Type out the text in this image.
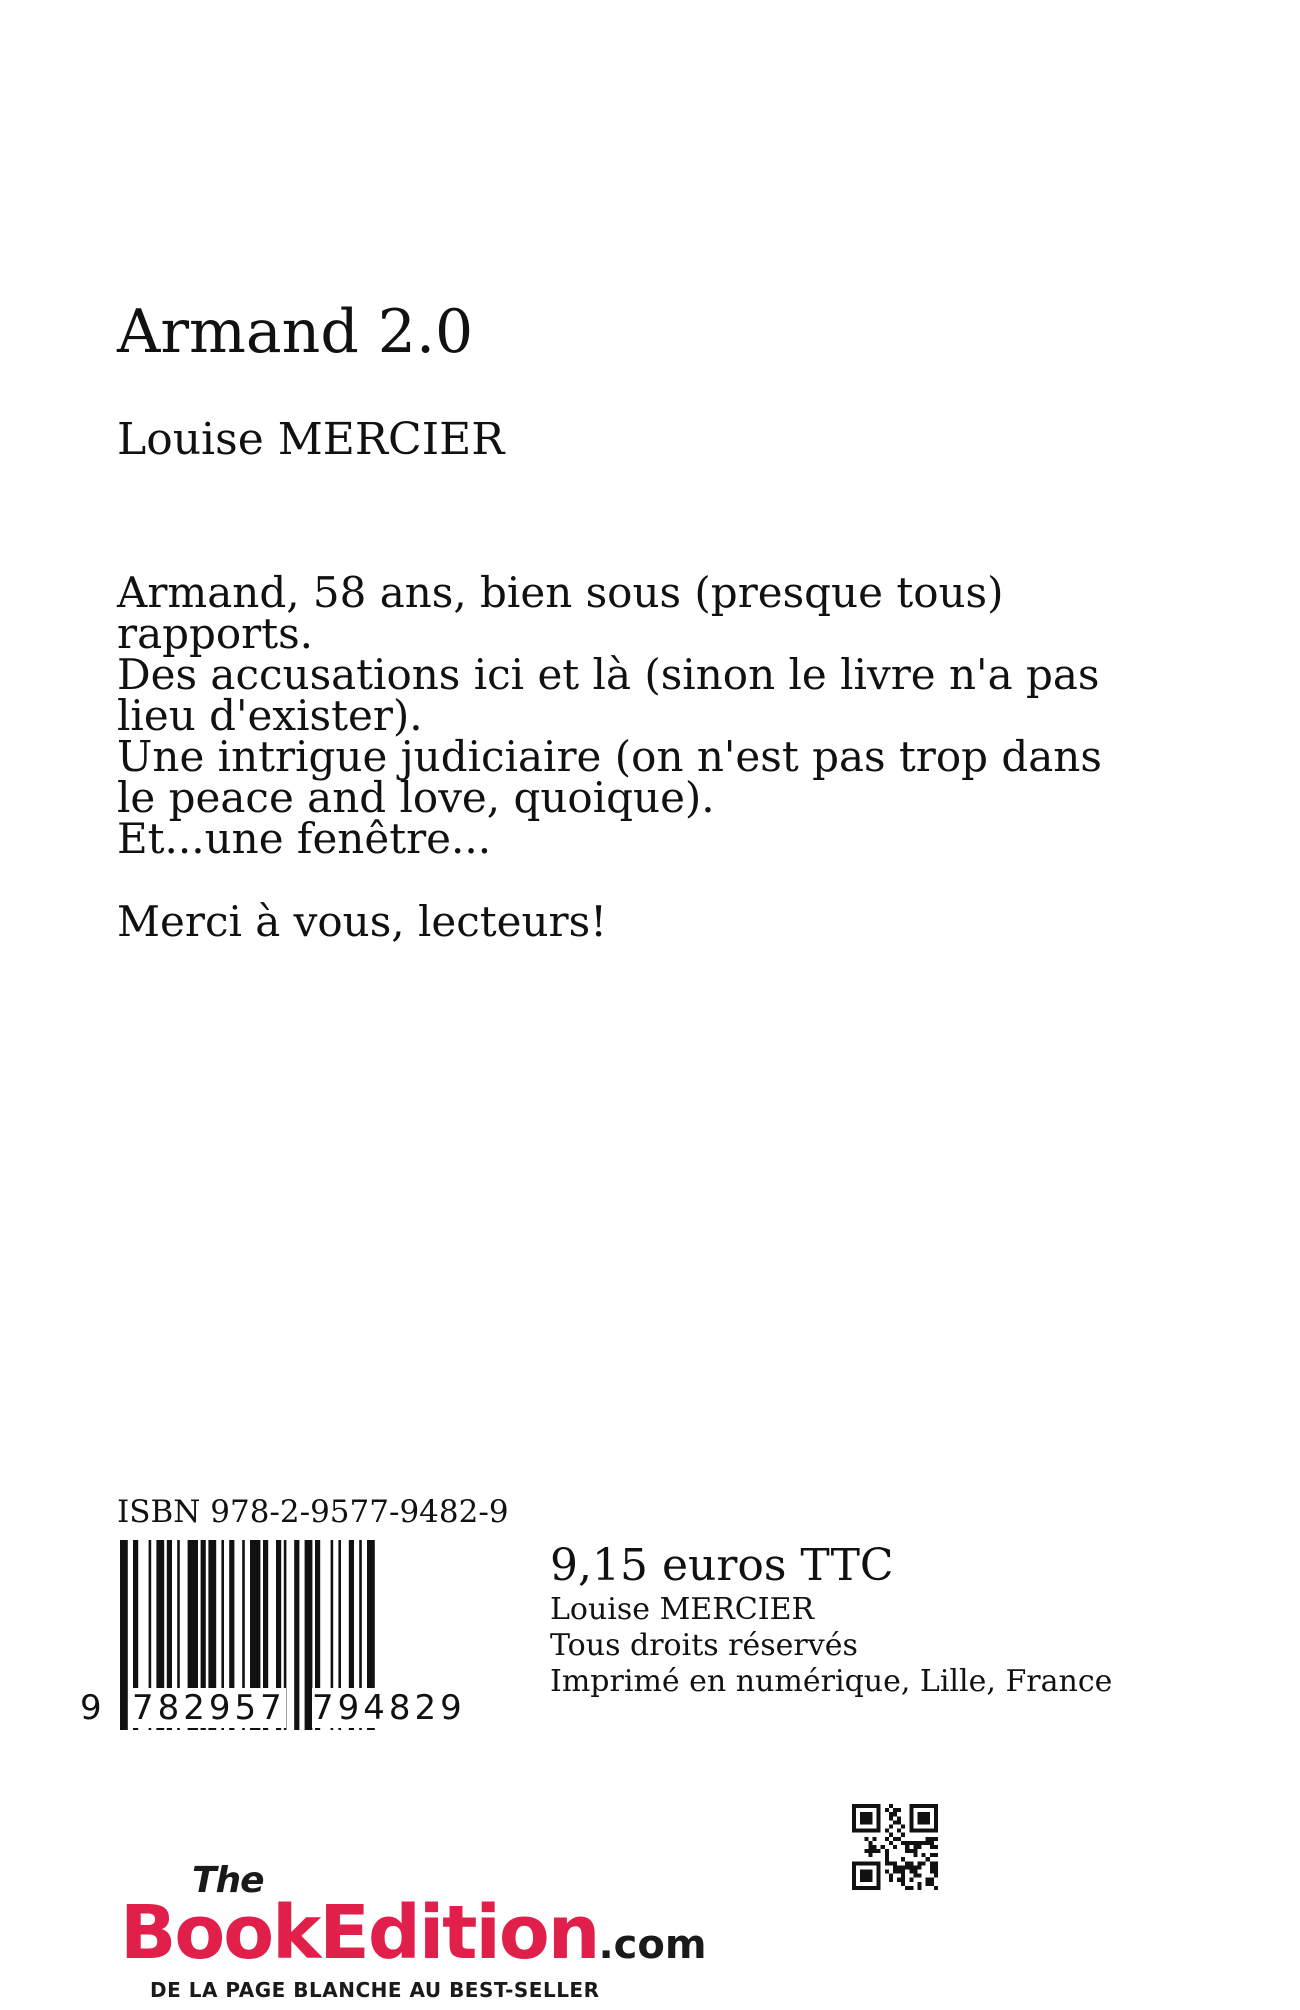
Armand 2.0
Louise MERCIER

Armand, 58 ans, bien sous (presque tous) rapports.

Des accusations ici et là (sinon le livre n'a pas lieu d'exister).

Une intrigue judiciaire (on n'est pas trop dans le peace and love, quoique).

Et...une fenêtre...

Merci à vous, lecteurs!

ISBN 978-2-9577-9482-9
9 782957 794829
9,15 euros TTC
Louise MERCIER
Tous droits réservés
Imprimé en numérique, Lille, France
The
BookEdition.com
DE LA PAGE BLANCHE AU BEST-SELLER
